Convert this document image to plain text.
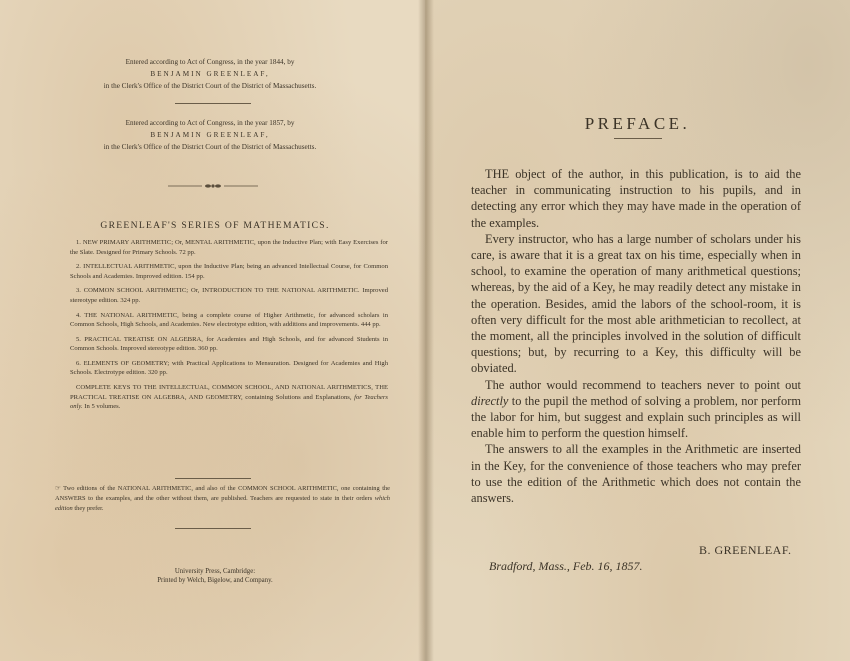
Entered according to Act of Congress, in the year 1844, by
BENJAMIN GREENLEAF,
in the Clerk's Office of the District Court of the District of Massachusetts.
Entered according to Act of Congress, in the year 1857, by
BENJAMIN GREENLEAF,
in the Clerk's Office of the District Court of the District of Massachusetts.
GREENLEAF'S SERIES OF MATHEMATICS.

1. NEW PRIMARY ARITHMETIC; Or, MENTAL ARITHMETIC, upon the Inductive Plan; with Easy Exercises for the Slate. Designed for Primary Schools. 72 pp.

2. INTELLECTUAL ARITHMETIC, upon the Inductive Plan; being an advanced Intellectual Course, for Common Schools and Academies. Improved edition. 154 pp.

3. COMMON SCHOOL ARITHMETIC; Or, INTRODUCTION TO THE NATIONAL ARITHMETIC. Improved stereotype edition. 324 pp.

4. THE NATIONAL ARITHMETIC, being a complete course of Higher Arithmetic, for advanced scholars in Common Schools, High Schools, and Academies. New electrotype edition, with additions and improvements. 444 pp.

5. PRACTICAL TREATISE ON ALGEBRA, for Academies and High Schools, and for advanced Students in Common Schools. Improved stereotype edition. 360 pp.

6. ELEMENTS OF GEOMETRY; with Practical Applications to Mensuration. Designed for Academies and High Schools. Electrotype edition. 320 pp.

COMPLETE KEYS TO THE INTELLECTUAL, COMMON SCHOOL, AND NATIONAL ARITHMETICS, THE PRACTICAL TREATISE ON ALGEBRA, AND GEOMETRY, containing Solutions and Explanations, for Teachers only. In 5 volumes.

☞ Two editions of the NATIONAL ARITHMETIC, and also of the COMMON SCHOOL ARITHMETIC, one containing the ANSWERS to the examples, and the other without them, are published. Teachers are requested to state in their orders which edition they prefer.
University Press, Cambridge:
Printed by Welch, Bigelow, and Company.
PREFACE.

THE object of the author, in this publication, is to aid the teacher in communicating instruction to his pupils, and in detecting any error which they may have made in the operation of the examples.

Every instructor, who has a large number of scholars under his care, is aware that it is a great tax on his time, especially when in school, to examine the operation of many arithmetical questions; whereas, by the aid of a Key, he may readily detect any mistake in the operation. Besides, amid the labors of the school-room, it is often very difficult for the most able arithmetician to recollect, at the moment, all the principles involved in the solution of difficult questions; but, by recurring to a Key, this difficulty will be obviated.

The author would recommend to teachers never to point out directly to the pupil the method of solving a problem, nor perform the labor for him, but suggest and explain such principles as will enable him to perform the question himself.

The answers to all the examples in the Arithmetic are inserted in the Key, for the convenience of those teachers who may prefer to use the edition of the Arithmetic which does not contain the answers.

B. GREENLEAF.
Bradford, Mass., Feb. 16, 1857.
